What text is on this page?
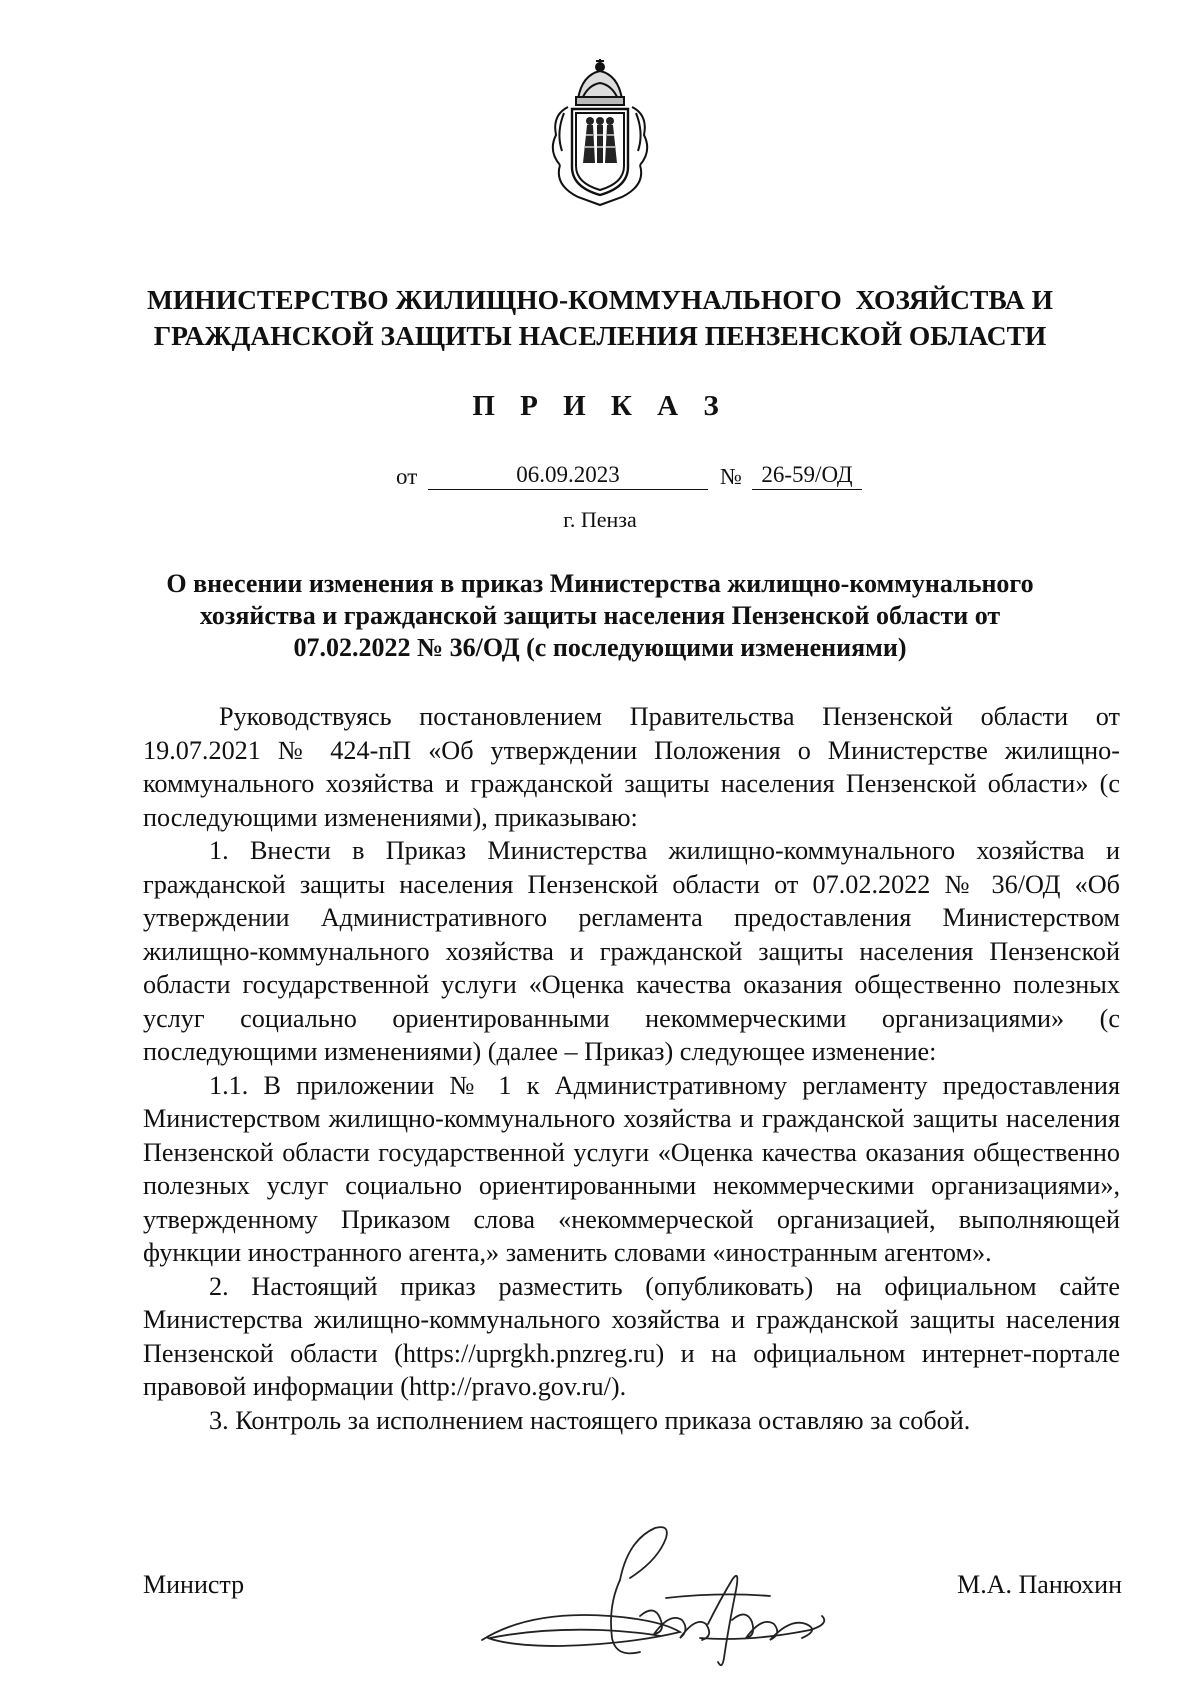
МИНИСТЕРСТВО ЖИЛИЩНО-КОММУНАЛЬНОГО  ХОЗЯЙСТВА И
ГРАЖДАНСКОЙ ЗАЩИТЫ НАСЕЛЕНИЯ ПЕНЗЕНСКОЙ ОБЛАСТИ
П Р И К А З
от	06.09.2023	№ 26-59/ОД
г. Пенза
О внесении изменения в приказ Министерства жилищно-коммунального
хозяйства и гражданской защиты населения Пензенской области от
07.02.2022 № 36/ОД (с последующими изменениями)

Руководствуясь постановлением Правительства Пензенской области от 19.07.2021 № 424-пП «Об утверждении Положения о Министерстве жилищно-коммунального хозяйства и гражданской защиты населения Пензенской области» (с последующими изменениями), приказываю:

1. Внести в Приказ Министерства жилищно-коммунального хозяйства и гражданской защиты населения Пензенской области от 07.02.2022 № 36/ОД «Об утверждении Административного регламента предоставления Министерством жилищно-коммунального хозяйства и гражданской защиты населения Пензенской области государственной услуги «Оценка качества оказания общественно полезных услуг социально ориентированными некоммерческими организациями» (с последующими изменениями) (далее – Приказ) следующее изменение:

1.1. В приложении № 1 к Административному регламенту предоставления Министерством жилищно-коммунального хозяйства и гражданской защиты населения Пензенской области государственной услуги «Оценка качества оказания общественно полезных услуг социально ориентированными некоммерческими организациями», утвержденному Приказом слова «некоммерческой организацией, выполняющей функции иностранного агента,» заменить словами «иностранным агентом».

2. Настоящий приказ разместить (опубликовать) на официальном сайте Министерства жилищно-коммунального хозяйства и гражданской защиты населения Пензенской области (https://uprgkh.pnzreg.ru) и на официальном интернет-портале правовой информации (http://pravo.gov.ru/).

3. Контроль за исполнением настоящего приказа оставляю за собой.

Министр	М.А. Панюхин
